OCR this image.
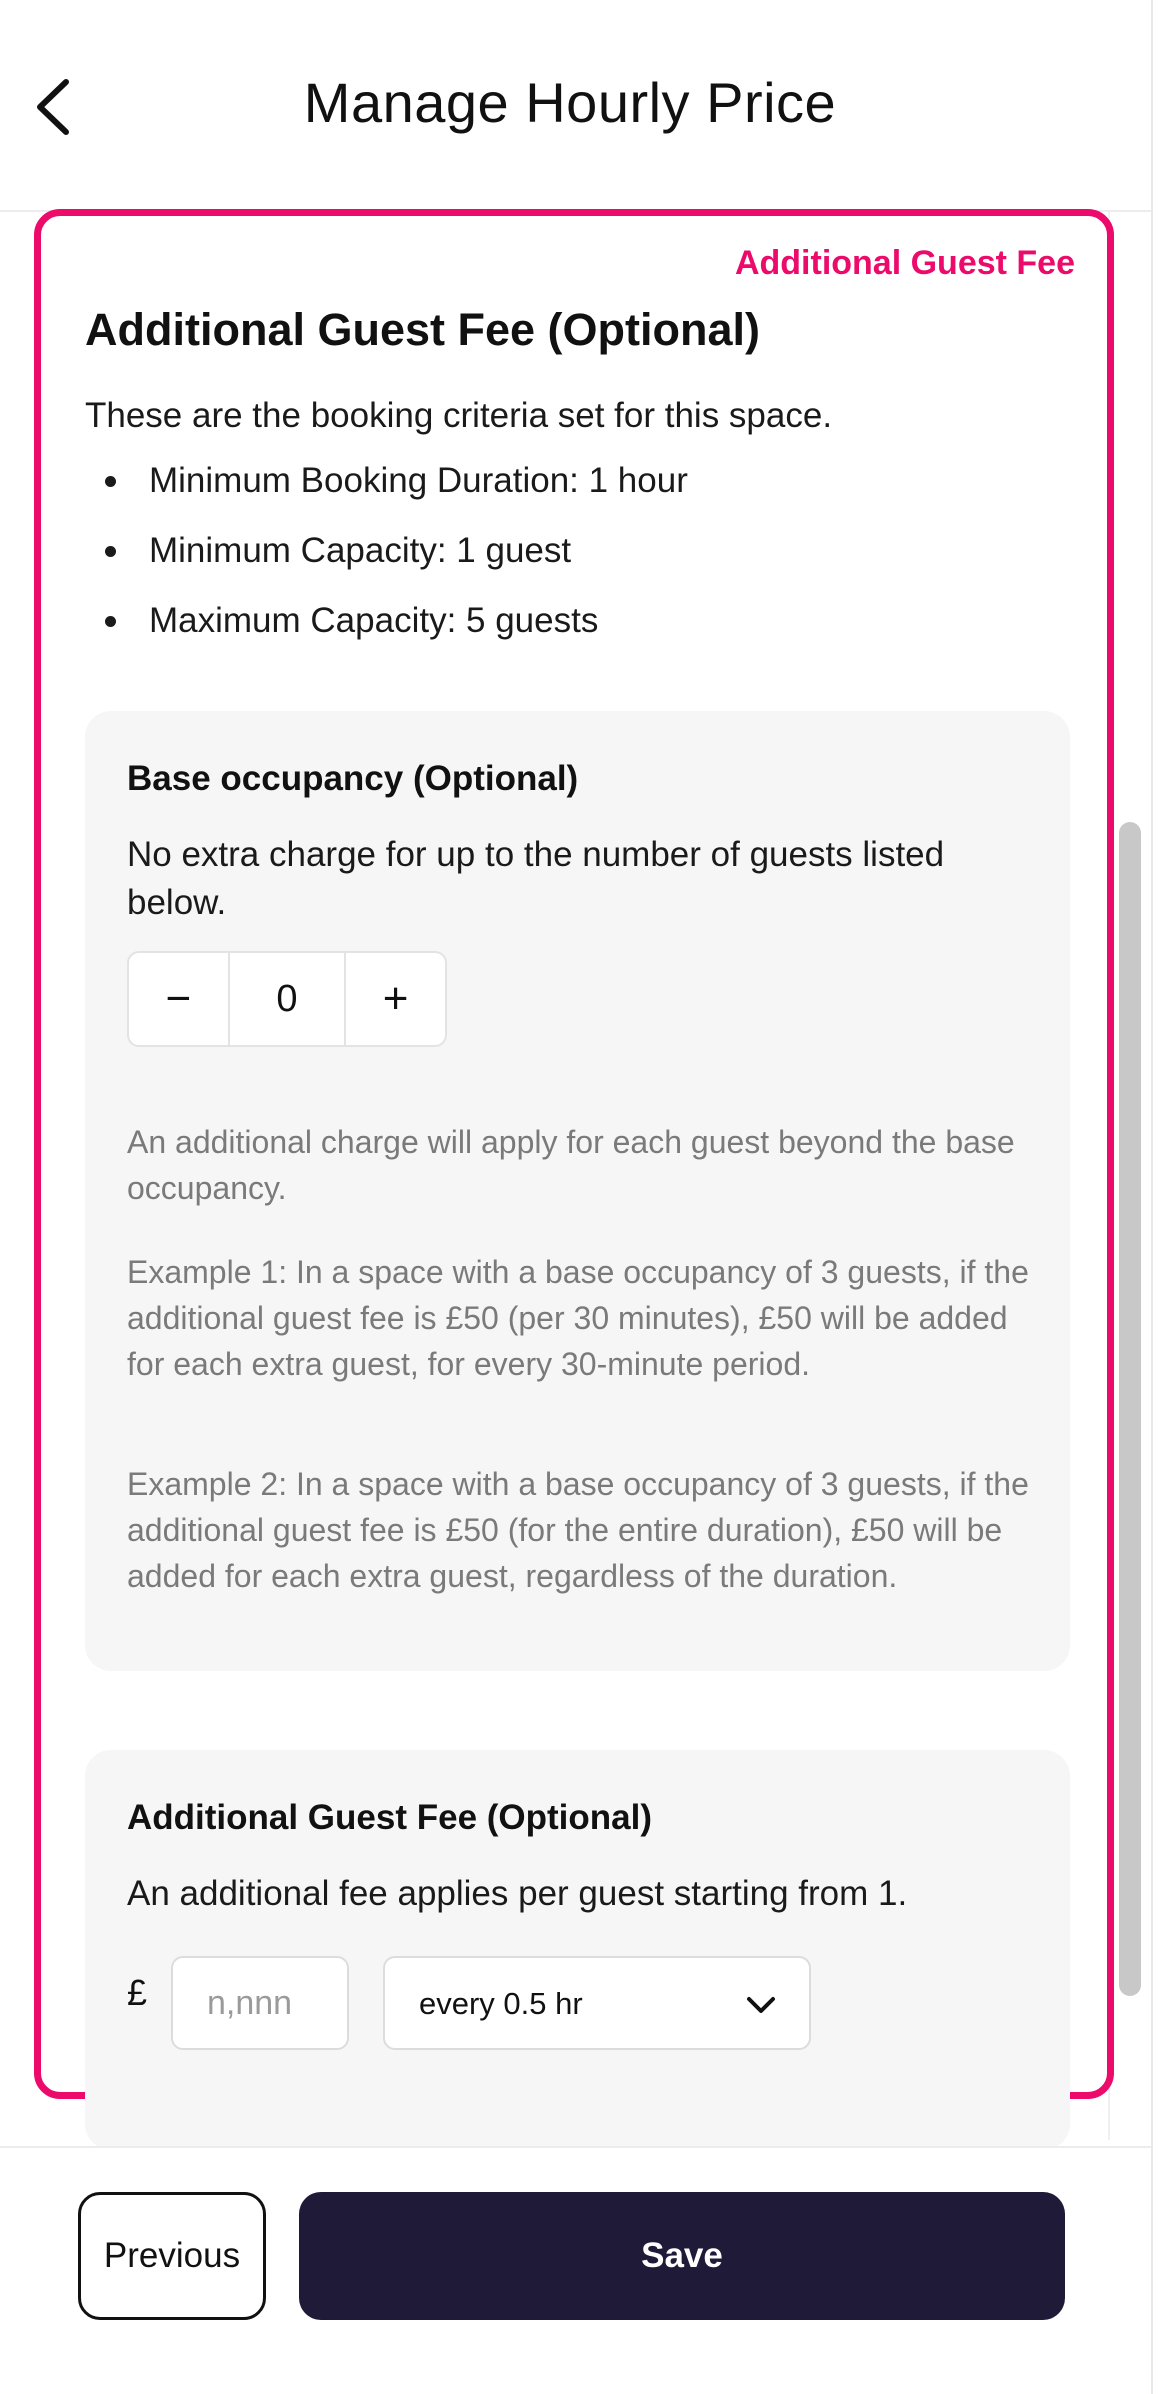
Manage Hourly Price
Additional Guest Fee
Additional Guest Fee (Optional)
These are the booking criteria set for this space.
Minimum Booking Duration: 1 hour
Minimum Capacity: 1 guest
Maximum Capacity: 5 guests
Base occupancy (Optional)
No extra charge for up to the number of guests listed below.
−	0	+
An additional charge will apply for each guest beyond the base occupancy.
Example 1: In a space with a base occupancy of 3 guests, if the additional guest fee is £50 (per 30 minutes), £50 will be added for each extra guest, for every 30-minute period.
Example 2: In a space with a base occupancy of 3 guests, if the additional guest fee is £50 (for the entire duration), £50 will be added for each extra guest, regardless of the duration.
Additional Guest Fee (Optional)
An additional fee applies per guest starting from 1.
£
n,nnn	every 0.5 hr
Previous	Save
